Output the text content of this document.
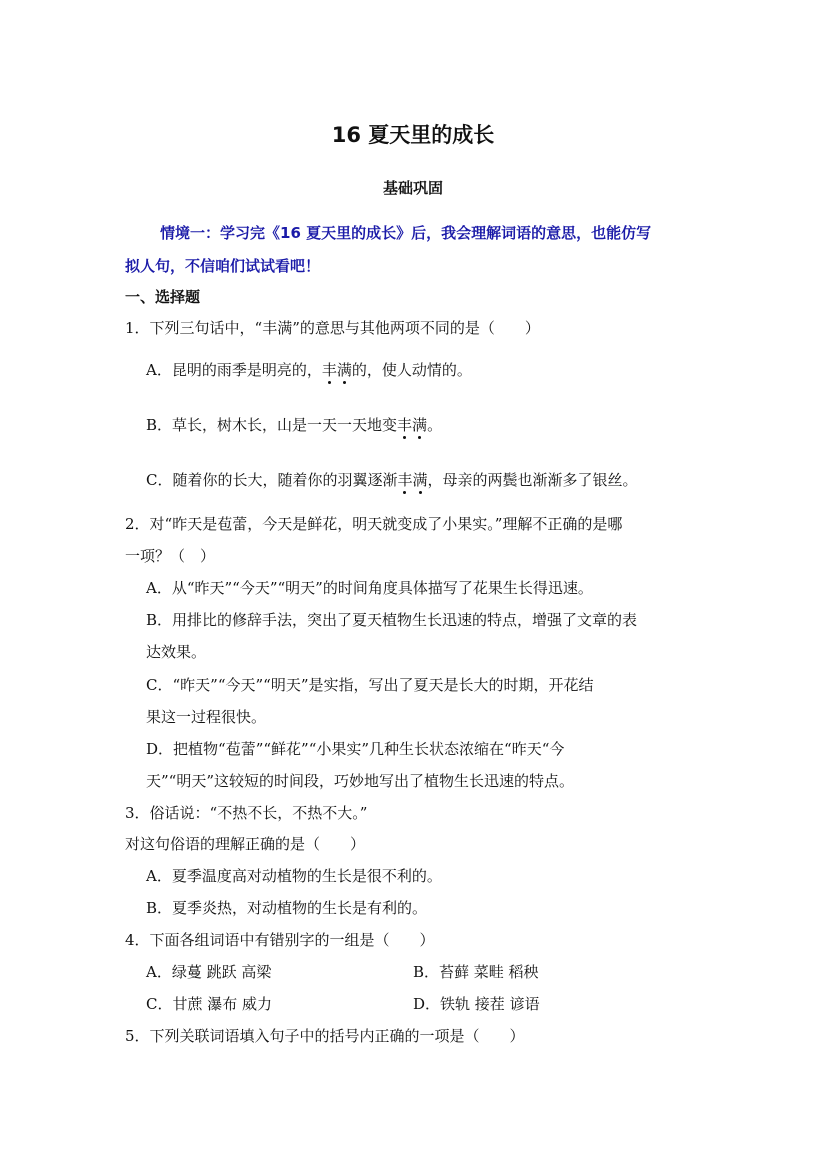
16 夏天里的成长
基础巩固
情境一：学习完《16 夏天里的成长》后，我会理解词语的意思，也能仿写
拟人句，不信咱们试试看吧！
一、选择题
1．下列三句话中，“丰满”的意思与其他两项不同的是（　　）
A．昆明的雨季是明亮的，丰满的，使人动情的。
B．草长，树木长，山是一天一天地变丰满。
C．随着你的长大，随着你的羽翼逐渐丰满，母亲的两鬓也渐渐多了银丝。
2．对“昨天是苞蕾，今天是鲜花，明天就变成了小果实。”理解不正确的是哪
一项？（　）
A．从“昨天”“今天”“明天”的时间角度具体描写了花果生长得迅速。
B．用排比的修辞手法，突出了夏天植物生长迅速的特点，增强了文章的表
达效果。
C．“昨天”“今天”“明天”是实指，写出了夏天是长大的时期，开花结
果这一过程很快。
D．把植物“苞蕾”“鲜花”“小果实”几种生长状态浓缩在“昨天“今
天”“明天”这较短的时间段，巧妙地写出了植物生长迅速的特点。
3．俗话说：“不热不长，不热不大。”
对这句俗语的理解正确的是（　　）
A．夏季温度高对动植物的生长是很不利的。
B．夏季炎热，对动植物的生长是有利的。
4．下面各组词语中有错别字的一组是（　　）
A．绿蔓 跳跃 高梁	B．苔藓 菜畦 稻秧
C．甘蔗 瀑布 威力	D．铁轨 接茬 谚语
5．下列关联词语填入句子中的括号内正确的一项是（　　）
